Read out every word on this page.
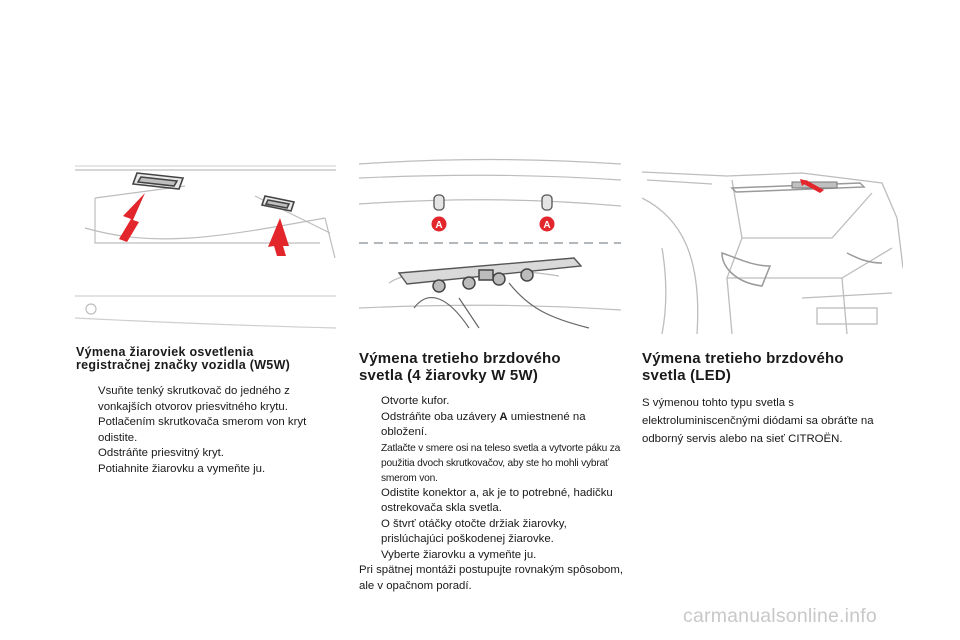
A	A
Výmena žiaroviek osvetlenia
registračnej značky vozidla (W5W)
Vsuňte tenký skrutkovač do jedného z vonkajších otvorov priesvitného krytu.
Potlačením skrutkovača smerom von kryt odistite.
Odstráňte priesvitný kryt.
Potiahnite žiarovku a vymeňte ju.
Výmena tretieho brzdového
svetla (4 žiarovky W 5W)
Otvorte kufor.
Odstráňte oba uzávery A umiestnené na obložení.
Zatlačte v smere osi na teleso svetla a vytvorte páku za použitia dvoch skrutkovačov, aby ste ho mohli vybrať smerom von.
Odistite konektor a, ak je to potrebné, hadičku ostrekovača skla svetla.
O štvrť otáčky otočte držiak žiarovky, prislúchajúci poškodenej žiarovke.
Vyberte žiarovku a vymeňte ju.

Pri spätnej montáži postupujte rovnakým spôsobom, ale v opačnom poradí.

Výmena tretieho brzdového
svetla (LED)

S výmenou tohto typu svetla s elektroluminiscenčnými diódami sa obráťte na odborný servis alebo na sieť CITROËN.

carmanualsonline.info
